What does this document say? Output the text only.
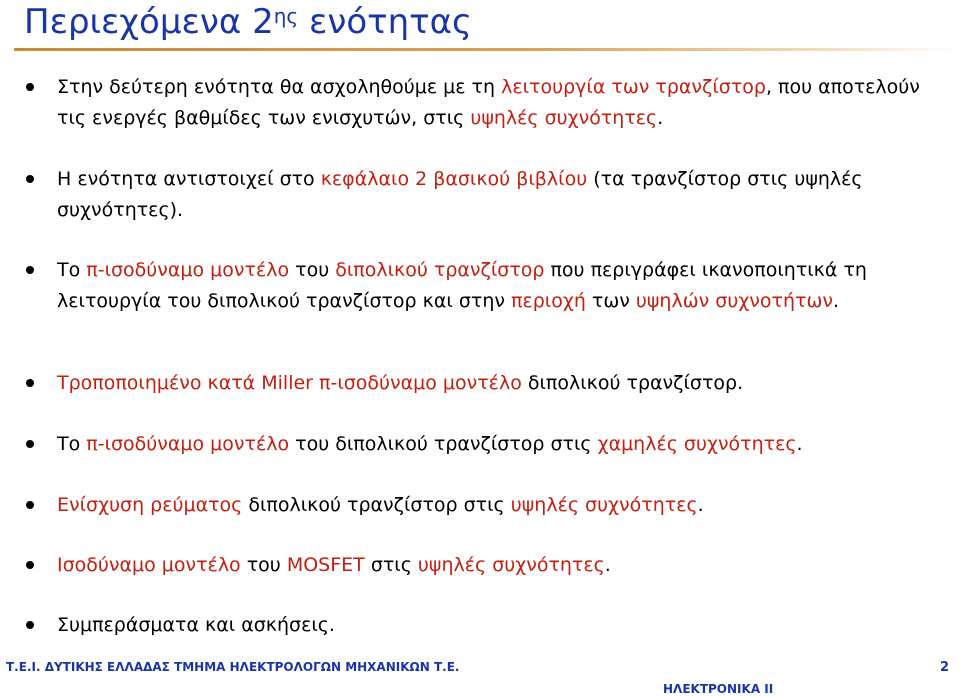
Περιεχόμενα $2^{\eta\varsigma}$ ενότητας
Στην δεύτερη ενότητα θα ασχοληθούμε με τη λειτουργία των τρανζίστορ, που αποτελούν τις ενεργές βαθμίδες των ενισχυτών, στις υψηλές συχνότητες.
Η ενότητα αντιστοιχεί στο κεφάλαιο 2 βασικού βιβλίου (τα τρανζίστορ στις υψηλές συχνότητες).
Το π-ισοδύναμο μοντέλο του διπολικού τρανζίστορ που περιγράφει ικανοποιητικά τη λειτουργία του διπολικού τρανζίστορ και στην περιοχή των υψηλών συχνοτήτων.
Τροποποιημένο κατά Miller π-ισοδύναμο μοντέλο διπολικού τρανζίστορ.
Το π-ισοδύναμο μοντέλο του διπολικού τρανζίστορ στις χαμηλές συχνότητες.
Ενίσχυση ρεύματος διπολικού τρανζίστορ στις υψηλές συχνότητες.
Ισοδύναμο μοντέλο του MOSFET στις υψηλές συχνότητες.
Συμπεράσματα και ασκήσεις.
Τ.Ε.Ι. ΔΥΤΙΚΗΣ ΕΛΛΑΔΑΣ ΤΜΗΜΑ ΗΛΕΚΤΡΟΛΟΓΩΝ ΜΗΧΑΝΙΚΩΝ Τ.Ε.
ΗΛΕΚΤΡΟΝΙΚΑ ΙΙ
2
